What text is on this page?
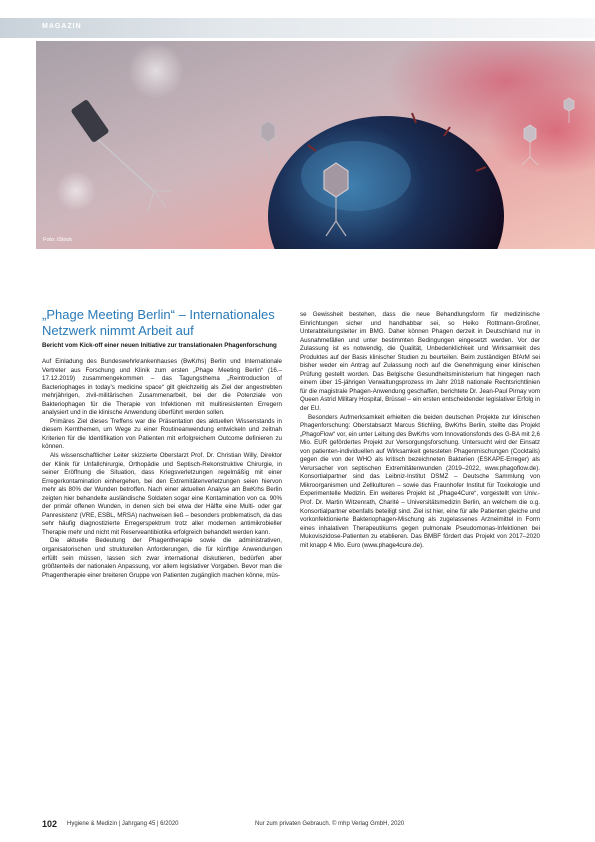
MAGAZIN
Foto: iStock
„Phage Meeting Berlin“ – Internationales Netzwerk nimmt Arbeit auf
Bericht vom Kick-off einer neuen Initiative zur translationalen Phagenforschung

Auf Einladung des Bundeswehrkrankenhauses (BwKrhs) Berlin und Internationale Vertreter aus Forschung und Klinik zum ersten „Phage Meeting Berlin“ (16.–17.12.2019) zusammengekommen – das Tagungsthema „Reintroduction of Bacteriophages in today’s medicine space“ gilt gleichzeitig als Ziel der angestrebten mehrjährigen, zivil-militärischen Zusammenarbeit, bei der die Potenziale von Bakteriophagen für die Therapie von Infektionen mit multiresistenten Erregern analysiert und in die klinische Anwendung überführt werden sollen.

Primäres Ziel dieses Treffens war die Präsentation des aktuellen Wissenstands in diesem Kernthemen, um Wege zu einer Routineanwendung entwickeln und zeitnah Kriterien für die Identifikation von Patienten mit erfolgreichem Outcome definieren zu können.

Als wissenschaftlicher Leiter skizzierte Oberstarzt Prof. Dr. Christian Willy, Direktor der Klinik für Unfallchirurgie, Orthopädie und Septisch-Rekonstruktive Chirurgie, in seiner Eröffnung die Situation, dass Kriegsverletzungen regelmäßig mit einer Erregerkontamination einhergehen, bei den Extremitätenverletzungen seien hiervon mehr als 80% der Wunden betroffen. Nach einer aktuellen Analyse am BwKrhs Berlin zeigten hier behandelte ausländische Soldaten sogar eine Kontamination von ca. 90% der primär offenen Wunden, in denen sich bei etwa der Hälfte eine Multi- oder gar Panresistenz (VRE, ESBL, MRSA) nachweisen ließ – besonders problematisch, da das sehr häufig diagnostizierte Erregerspektrum trotz aller modernen antimikrobieller Therapie mehr und nicht mit Reserveantibiotika erfolgreich behandelt werden kann.

Die aktuelle Bedeutung der Phagentherapie sowie die administrativen, organisatorischen und strukturellen Anforderungen, die für künftige Anwendungen erfüllt sein müssen, lassen sich zwar international diskutieren, bedürfen aber größtenteils der nationalen Anpassung, vor allem legislativer Vorgaben. Bevor man die Phagentherapie einer breiteren Gruppe von Patienten zugänglich machen könne, müs-

se Gewissheit bestehen, dass die neue Behandlungsform für medizinische Einrichtungen sicher und handhabbar sei, so Heiko Rottmann-Großner, Unterabteilungsleiter im BMG. Daher können Phagen derzeit in Deutschland nur in Ausnahmefällen und unter bestimmten Bedingungen eingesetzt werden. Vor der Zulassung ist es notwendig, die Qualität, Unbedenklichkeit und Wirksamkeit des Produktes auf der Basis klinischer Studien zu beurteilen. Beim zuständigen BfArM sei bisher weder ein Antrag auf Zulassung noch auf die Genehmigung einer klinischen Prüfung gestellt worden. Das Belgische Gesundheitsministerium hat hingegen nach einem über 15-jährigen Verwaltungsprozess im Jahr 2018 nationale Rechtsrichtlinien für die magistrale Phagen-Anwendung geschaffen, berichtete Dr. Jean-Paul Pirnay vom Queen Astrid Military Hospital, Brüssel – ein ersten entscheidender legislativer Erfolg in der EU.

Besonders Aufmerksamkeit erhielten die beiden deutschen Projekte zur klinischen Phagenforschung: Oberstabsarzt Marcus Stichling, BwKrhs Berlin, stellte das Projekt „PhagoFlow“ vor, ein unter Leitung des BwKrhs vom Innovationsfonds des G-BA mit 2,6 Mio. EUR gefördertes Projekt zur Versorgungsforschung. Untersucht wird der Einsatz von patienten-individuellen auf Wirksamkeit getesteten Phagenmischungen (Cocktails) gegen die von der WHO als kritisch bezeichneten Bakterien (ESKAPE-Erreger) als Verursacher von septischen Extremitätenwunden (2019–2022, www.phagoflow.de). Konsortialpartner sind das Leibniz-Institut DSMZ – Deutsche Sammlung von Mikroorganismen und Zellkulturen – sowie das Fraunhofer Institut für Toxikologie und Experimentelle Medizin. Ein weiteres Projekt ist „Phage4Cure“, vorgestellt von Univ.-Prof. Dr. Martin Witzenrath, Charité – Universitätsmedizin Berlin, an welchem die o.g. Konsortialpartner ebenfalls beteiligt sind. Ziel ist hier, eine für alle Patienten gleiche und vorkonfektionierte Bakteriophagen-Mischung als zugelassenes Arzneimittel in Form eines inhalativen Therapeutikums gegen pulmonale Pseudomonas-Infektionen bei Mukoviszidose-Patienten zu etablieren. Das BMBF fördert das Projekt von 2017–2020 mit knapp 4 Mio. Euro (www.phage4cure.de).

102 Hygiene & Medizin | Jahrgang 45 | 6/2020	Nur zum privaten Gebrauch. © mhp Verlag GmbH, 2020
